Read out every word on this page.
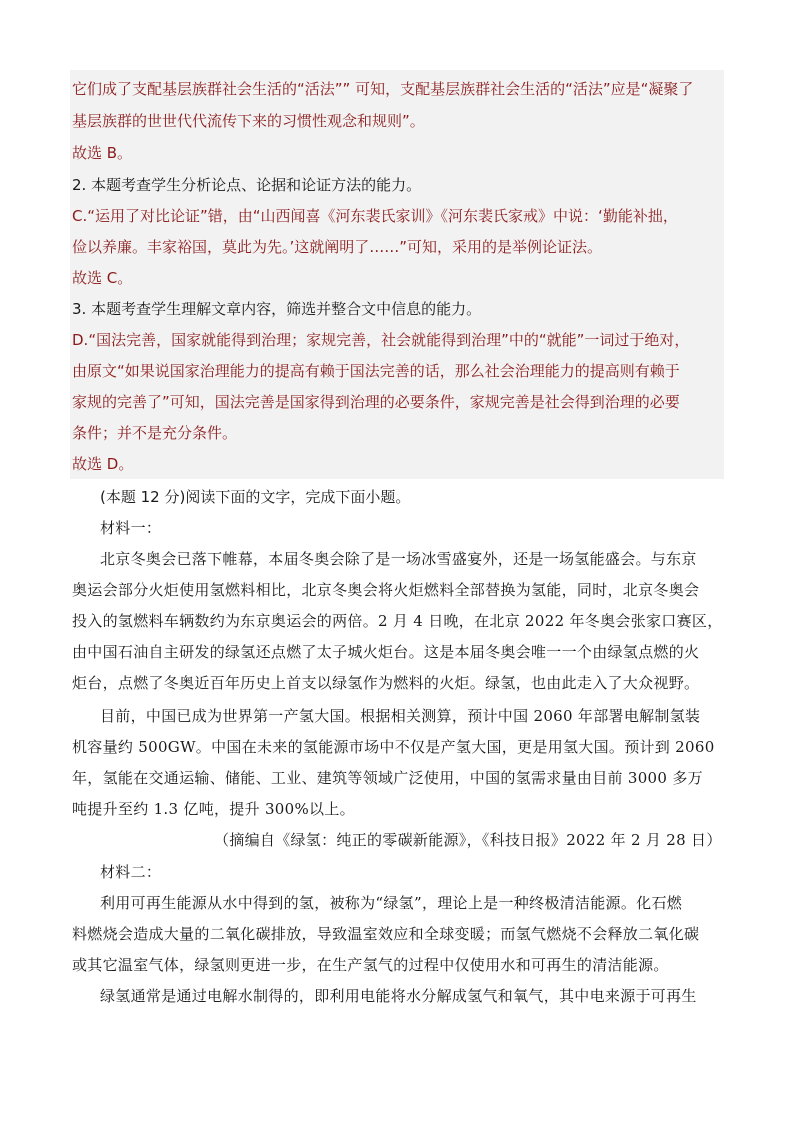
它们成了支配基层族群社会生活的“活法”” 可知，支配基层族群社会生活的“活法”应是“凝聚了
基层族群的世世代代流传下来的习惯性观念和规则”。
故选 B。
2. 本题考查学生分析论点、论据和论证方法的能力。
C.“运用了对比论证”错，由“山西闻喜《河东裴氏家训》《河东裴氏家戒》中说：‘勤能补拙，
俭以养廉。丰家裕国，莫此为先。’这就阐明了……”可知，采用的是举例论证法。
故选 C。
3. 本题考查学生理解文章内容，筛选并整合文中信息的能力。
D.“国法完善，国家就能得到治理；家规完善，社会就能得到治理”中的“就能”一词过于绝对，
由原文“如果说国家治理能力的提高有赖于国法完善的话，那么社会治理能力的提高则有赖于
家规的完善了”可知，国法完善是国家得到治理的必要条件，家规完善是社会得到治理的必要
条件；并不是充分条件。
故选 D。
(本题 12 分)阅读下面的文字，完成下面小题。
材料一：
北京冬奥会已落下帷幕，本届冬奥会除了是一场冰雪盛宴外，还是一场氢能盛会。与东京
奥运会部分火炬使用氢燃料相比，北京冬奥会将火炬燃料全部替换为氢能，同时，北京冬奥会
投入的氢燃料车辆数约为东京奥运会的两倍。2 月 4 日晚，在北京 2022 年冬奥会张家口赛区，
由中国石油自主研发的绿氢还点燃了太子城火炬台。这是本届冬奥会唯一一个由绿氢点燃的火
炬台，点燃了冬奥近百年历史上首支以绿氢作为燃料的火炬。绿氢，也由此走入了大众视野。
目前，中国已成为世界第一产氢大国。根据相关测算，预计中国 2060 年部署电解制氢装
机容量约 500GW。中国在未来的氢能源市场中不仅是产氢大国，更是用氢大国。预计到 2060
年，氢能在交通运输、储能、工业、建筑等领域广泛使用，中国的氢需求量由目前 3000 多万
吨提升至约 1.3 亿吨，提升 300%以上。
（摘编自《绿氢：纯正的零碳新能源》，《科技日报》2022 年 2 月 28 日）
材料二：
利用可再生能源从水中得到的氢，被称为“绿氢”，理论上是一种终极清洁能源。化石燃
料燃烧会造成大量的二氧化碳排放，导致温室效应和全球变暖；而氢气燃烧不会释放二氧化碳
或其它温室气体，绿氢则更进一步，在生产氢气的过程中仅使用水和可再生的清洁能源。
绿氢通常是通过电解水制得的，即利用电能将水分解成氢气和氧气，其中电来源于可再生
